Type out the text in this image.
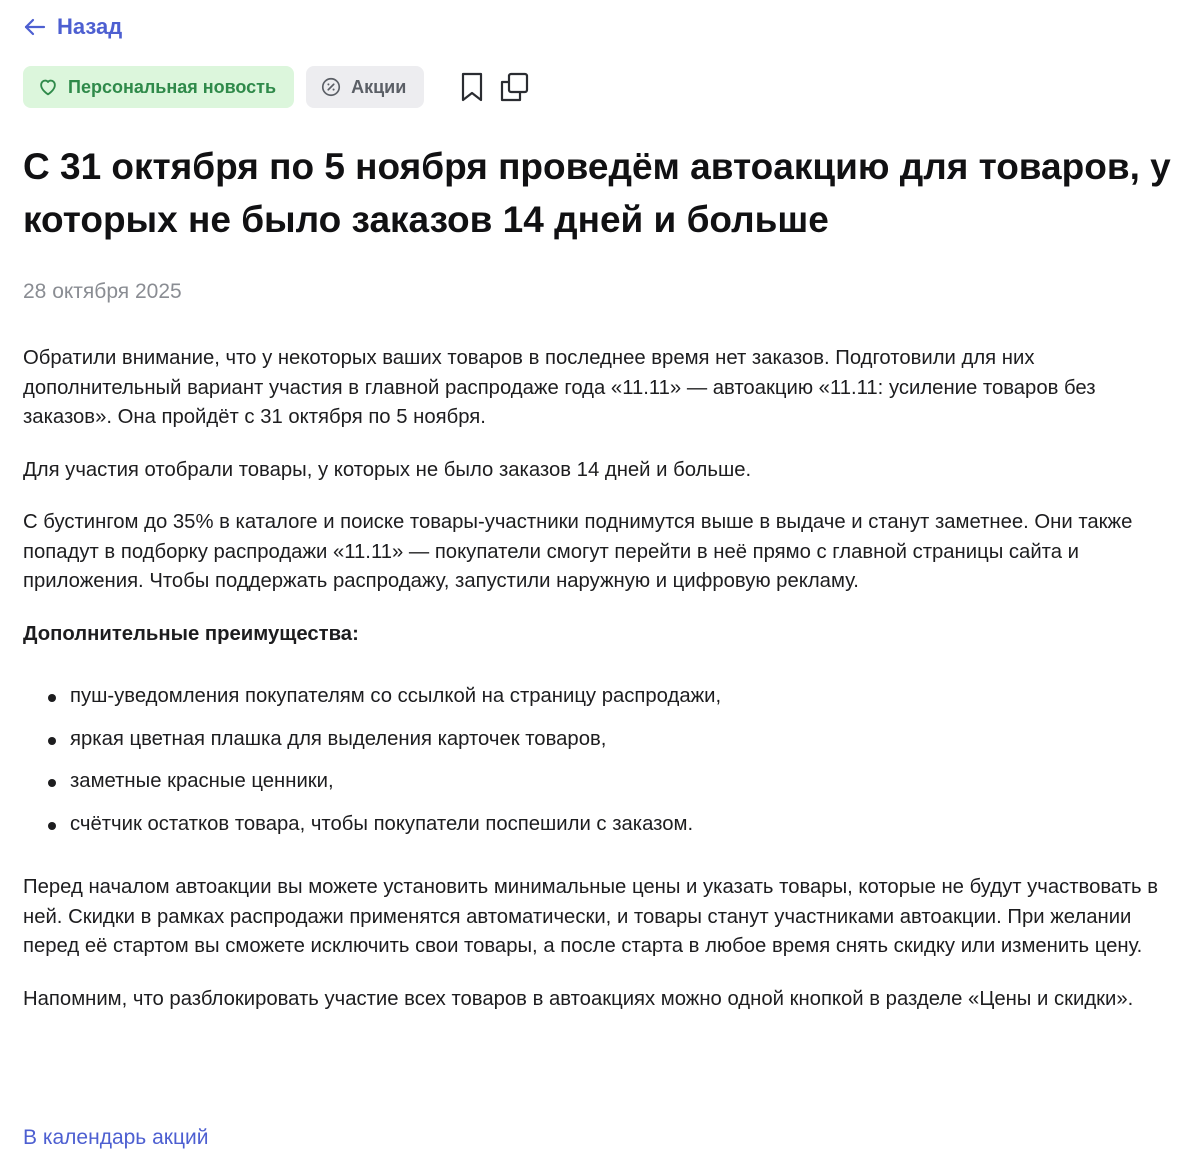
Назад
Персональная новость	Акции
С 31 октября по 5 ноября проведём автоакцию для товаров, у которых не было заказов 14 дней и больше
28 октября 2025

Обратили внимание, что у некоторых ваших товаров в последнее время нет заказов. Подготовили для них дополнительный вариант участия в главной распродаже года «11.11» — автоакцию «11.11: усиление товаров без заказов». Она пройдёт с 31 октября по 5 ноября.

Для участия отобрали товары, у которых не было заказов 14 дней и больше.

С бустингом до 35% в каталоге и поиске товары-участники поднимутся выше в выдаче и станут заметнее. Они также попадут в подборку распродажи «11.11» — покупатели смогут перейти в неё прямо с главной страницы сайта и приложения. Чтобы поддержать распродажу, запустили наружную и цифровую рекламу.

Дополнительные преимущества:

пуш-уведомления покупателям со ссылкой на страницу распродажи,
яркая цветная плашка для выделения карточек товаров,
заметные красные ценники,
счётчик остатков товара, чтобы покупатели поспешили с заказом.

Перед началом автоакции вы можете установить минимальные цены и указать товары, которые не будут участвовать в ней. Скидки в рамках распродажи применятся автоматически, и товары станут участниками автоакции. При желании перед её стартом вы сможете исключить свои товары, а после старта в любое время снять скидку или изменить цену.

Напомним, что разблокировать участие всех товаров в автоакциях можно одной кнопкой в разделе «Цены и скидки».

В календарь акций
